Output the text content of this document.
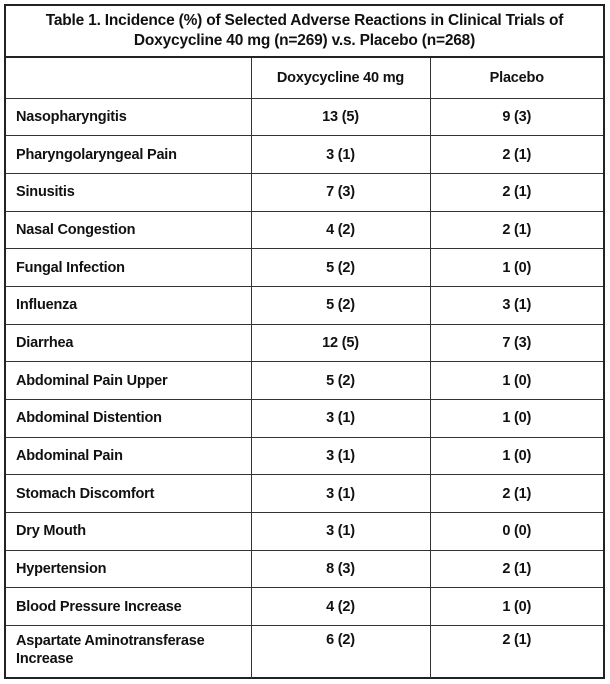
Table 1. Incidence (%) of Selected Adverse Reactions in Clinical Trials of
Doxycycline 40 mg (n=269) v.s. Placebo (n=268)
	Doxycycline 40 mg	Placebo
Nasopharyngitis	13 (5)	9 (3)
Pharyngolaryngeal Pain	3 (1)	2 (1)
Sinusitis	7 (3)	2 (1)
Nasal Congestion	4 (2)	2 (1)
Fungal Infection	5 (2)	1 (0)
Influenza	5 (2)	3 (1)
Diarrhea	12 (5)	7 (3)
Abdominal Pain Upper	5 (2)	1 (0)
Abdominal Distention	3 (1)	1 (0)
Abdominal Pain	3 (1)	1 (0)
Stomach Discomfort	3 (1)	2 (1)
Dry Mouth	3 (1)	0 (0)
Hypertension	8 (3)	2 (1)
Blood Pressure Increase	4 (2)	1 (0)
Aspartate Aminotransferase Increase	6 (2)	2 (1)
